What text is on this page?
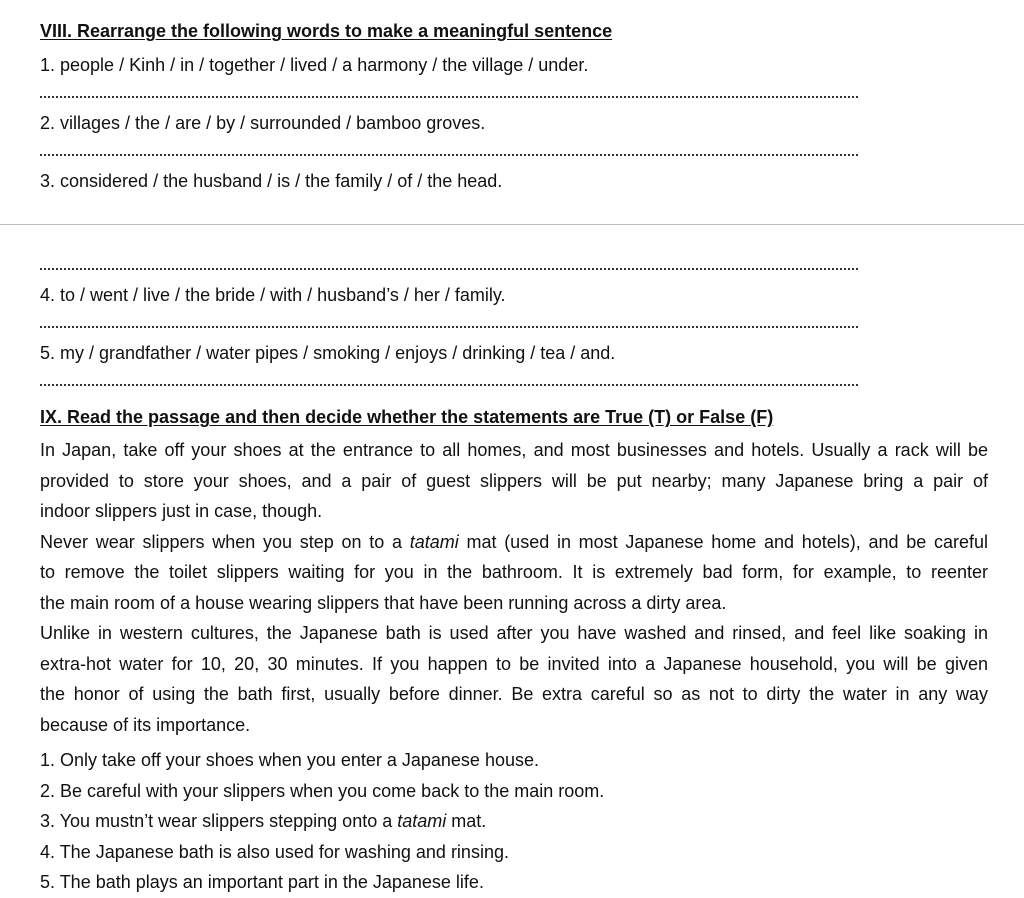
VIII. Rearrange the following words to make a meaningful sentence
1. people / Kinh / in / together / lived / a harmony / the village / under.
2. villages / the / are / by / surrounded / bamboo groves.
3. considered / the husband / is / the family / of / the head.
4. to / went / live / the bride / with / husband’s / her / family.
5. my / grandfather / water pipes / smoking / enjoys / drinking / tea / and.
IX. Read the passage and then decide whether the statements are True (T) or False (F)
In Japan, take off your shoes at the entrance to all homes, and most businesses and hotels. Usually a rack will be
provided to store your shoes, and a pair of guest slippers will be put nearby; many Japanese bring a pair of
indoor slippers just in case, though.
Never wear slippers when you step on to a tatami mat (used in most Japanese home and hotels), and be careful
to remove the toilet slippers waiting for you in the bathroom. It is extremely bad form, for example, to reenter
the main room of a house wearing slippers that have been running across a dirty area.
Unlike in western cultures, the Japanese bath is used after you have washed and rinsed, and feel like soaking in
extra-hot water for 10, 20, 30 minutes. If you happen to be invited into a Japanese household, you will be given
the honor of using the bath first, usually before dinner. Be extra careful so as not to dirty the water in any way
because of its importance.
1. Only take off your shoes when you enter a Japanese house.
2. Be careful with your slippers when you come back to the main room.
3. You mustn’t wear slippers stepping onto a tatami mat.
4. The Japanese bath is also used for washing and rinsing.
5. The bath plays an important part in the Japanese life.
